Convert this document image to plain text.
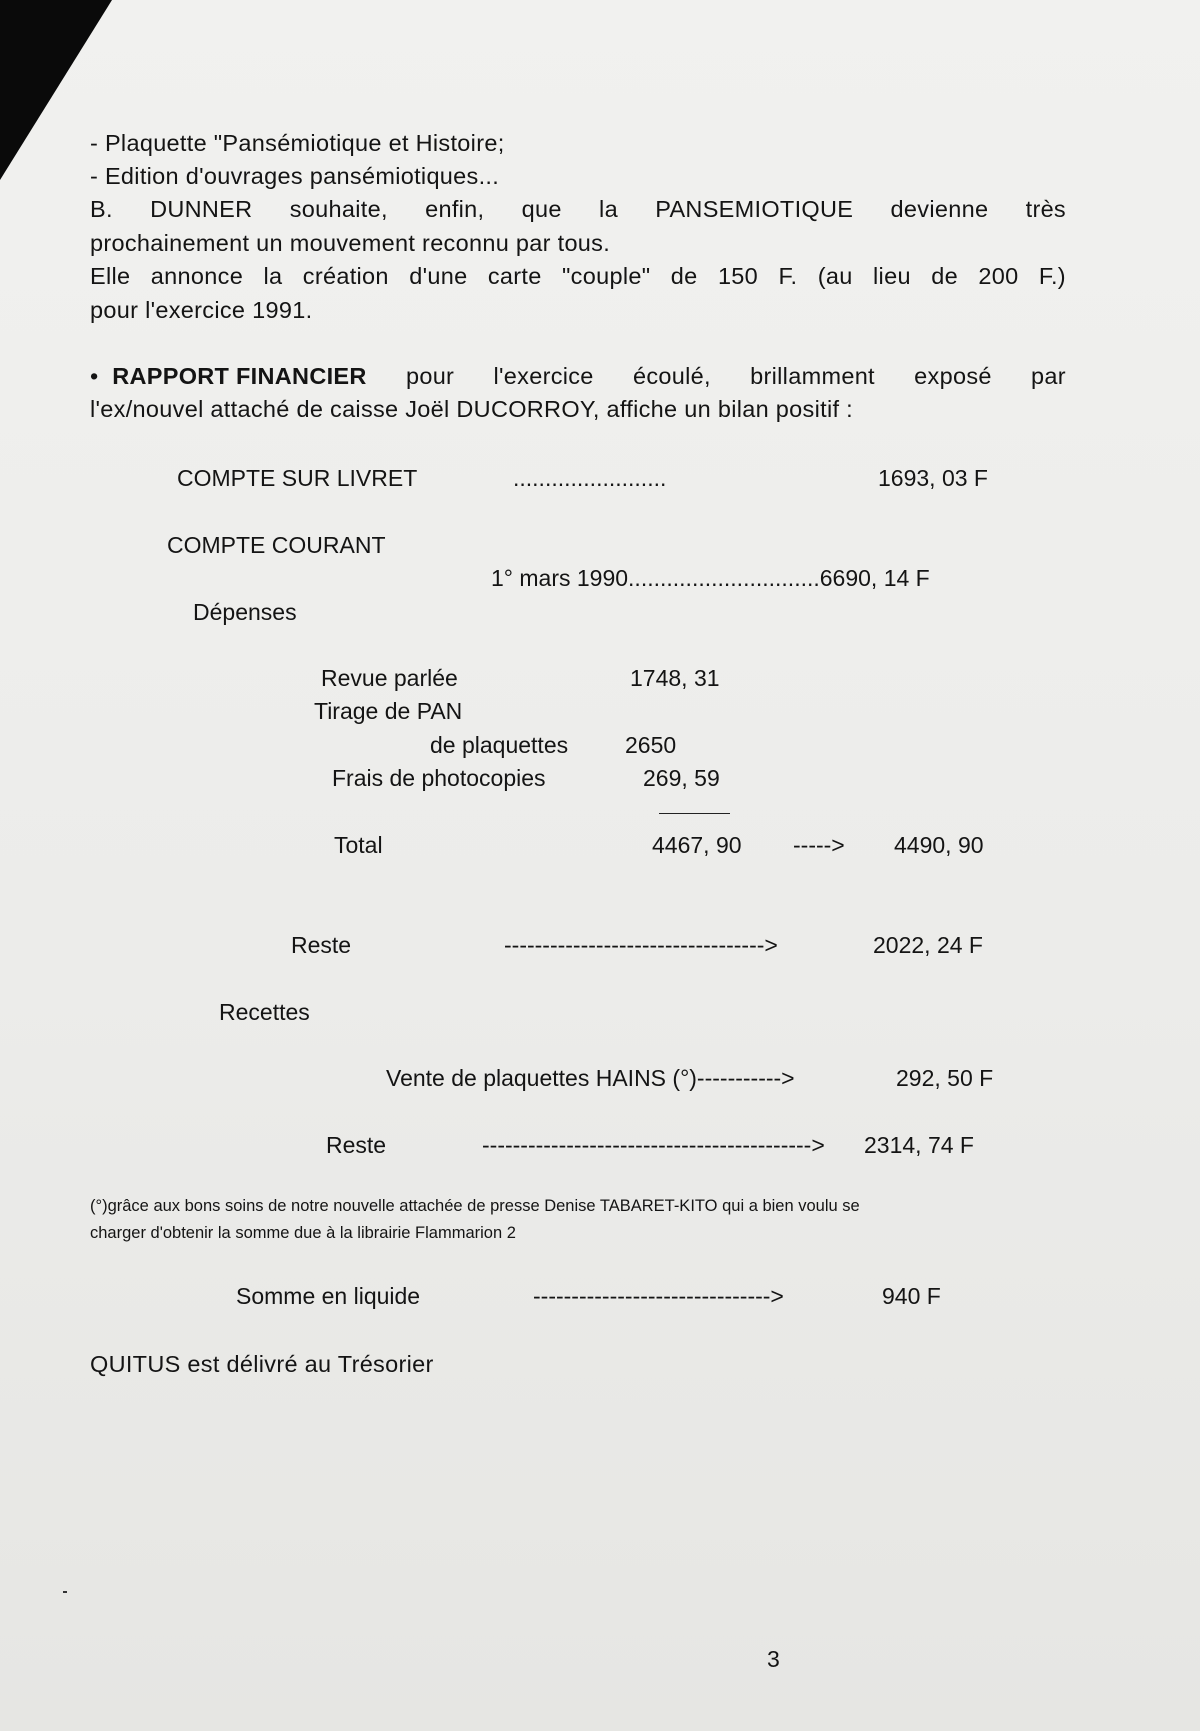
- Plaquette "Pansémiotique et Histoire;
- Edition d'ouvrages pansémiotiques...
B. DUNNER souhaite, enfin, que la PANSEMIOTIQUE devienne très
prochainement un mouvement reconnu par tous.
Elle annonce la création d'une carte "couple" de 150 F. (au lieu de 200 F.)
pour l'exercice 1991.
• RAPPORT FINANCIER pour l'exercice écoulé, brillamment exposé par
l'ex/nouvel attaché de caisse Joël DUCORROY, affiche un bilan positif :
COMPTE SUR LIVRET	........................	1693, 03 F
COMPTE COURANT
1° mars 1990..............................6690, 14 F
Dépenses
Revue parlée	1748, 31
Tirage de PAN
de plaquettes 2650
Frais de photocopies	269, 59
Total	4467, 90 -----> 4490, 90
Reste	---------------------------------->	2022, 24 F
Recettes
Vente de plaquettes HAINS (°)----------->	292, 50 F
Reste	-------------------------------------------> 2314, 74 F
(°)grâce aux bons soins de notre nouvelle attachée de presse Denise TABARET-KITO qui a bien voulu se
charger d'obtenir la somme due à la librairie Flammarion 2
Somme en liquide	------------------------------->	940 F
QUITUS est délivré au Trésorier
3
